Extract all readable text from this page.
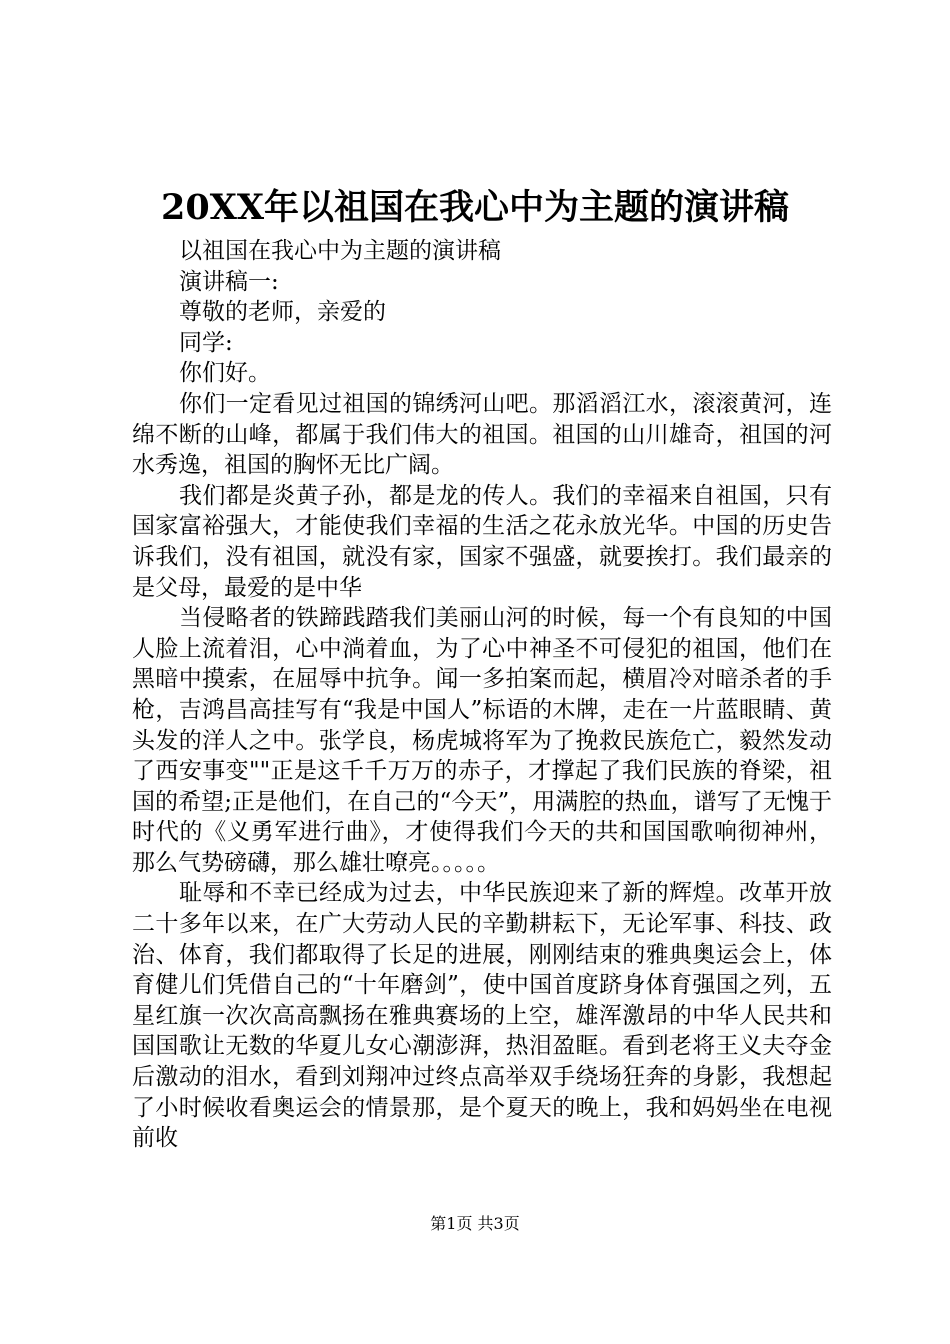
20XX年以祖国在我心中为主题的演讲稿
以祖国在我心中为主题的演讲稿
演讲稿一:
尊敬的老师，亲爱的
同学:
你们好。
你们一定看见过祖国的锦绣河山吧。那滔滔江水，滚滚黄河，连绵不断的山峰，都属于我们伟大的祖国。祖国的山川雄奇，祖国的河水秀逸，祖国的胸怀无比广阔。
我们都是炎黄子孙，都是龙的传人。我们的幸福来自祖国，只有国家富裕强大，才能使我们幸福的生活之花永放光华。中国的历史告诉我们，没有祖国，就没有家，国家不强盛，就要挨打。我们最亲的是父母，最爱的是中华
当侵略者的铁蹄践踏我们美丽山河的时候，每一个有良知的中国人脸上流着泪，心中淌着血，为了心中神圣不可侵犯的祖国，他们在黑暗中摸索，在屈辱中抗争。闻一多拍案而起，横眉冷对暗杀者的手枪，吉鸿昌高挂写有“我是中国人”标语的木牌，走在一片蓝眼睛、黄头发的洋人之中。张学良，杨虎城将军为了挽救民族危亡，毅然发动了西安事变""正是这千千万万的赤子，才撑起了我们民族的脊梁，祖国的希望;正是他们，在自己的“今天”，用满腔的热血，谱写了无愧于时代的《义勇军进行曲》，才使得我们今天的共和国国歌响彻神州，那么气势磅礴，那么雄壮嘹亮。。。。。
耻辱和不幸已经成为过去，中华民族迎来了新的辉煌。改革开放二十多年以来，在广大劳动人民的辛勤耕耘下，无论军事、科技、政治、体育，我们都取得了长足的进展，刚刚结束的雅典奥运会上，体育健儿们凭借自己的“十年磨剑”，使中国首度跻身体育强国之列，五星红旗一次次高高飘扬在雅典赛场的上空，雄浑激昂的中华人民共和国国歌让无数的华夏儿女心潮澎湃，热泪盈眶。看到老将王义夫夺金后激动的泪水，看到刘翔冲过终点高举双手绕场狂奔的身影，我想起了小时候收看奥运会的情景那，是个夏天的晚上，我和妈妈坐在电视前收
第1页 共3页
